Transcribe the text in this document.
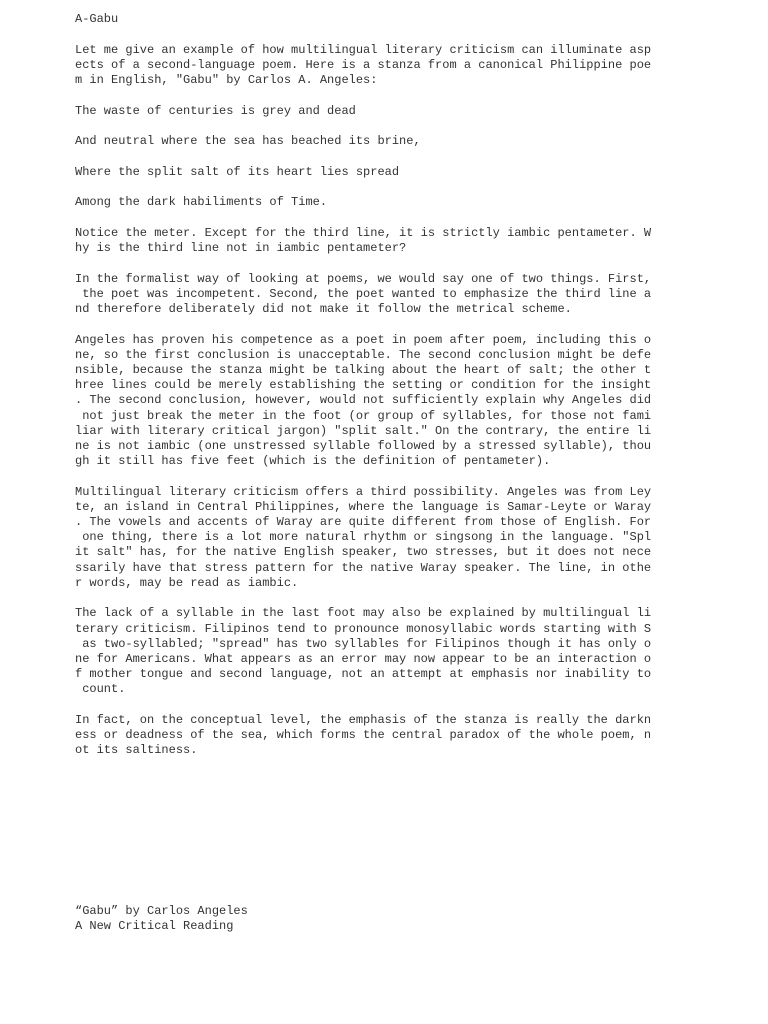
A-Gabu
Let me give an example of how multilingual literary criticism can illuminate asp
ects of a second-language poem. Here is a stanza from a canonical Philippine poe
m in English, "Gabu" by Carlos A. Angeles:
The waste of centuries is grey and dead
And neutral where the sea has beached its brine,
Where the split salt of its heart lies spread
Among the dark habiliments of Time.
Notice the meter. Except for the third line, it is strictly iambic pentameter. W
hy is the third line not in iambic pentameter?
In the formalist way of looking at poems, we would say one of two things. First,
the poet was incompetent. Second, the poet wanted to emphasize the third line a
nd therefore deliberately did not make it follow the metrical scheme.
Angeles has proven his competence as a poet in poem after poem, including this o
ne, so the first conclusion is unacceptable. The second conclusion might be defe
nsible, because the stanza might be talking about the heart of salt; the other t
hree lines could be merely establishing the setting or condition for the insight
. The second conclusion, however, would not sufficiently explain why Angeles did
not just break the meter in the foot (or group of syllables, for those not fami
liar with literary critical jargon) "split salt." On the contrary, the entire li
ne is not iambic (one unstressed syllable followed by a stressed syllable), thou
gh it still has five feet (which is the definition of pentameter).
Multilingual literary criticism offers a third possibility. Angeles was from Ley
te, an island in Central Philippines, where the language is Samar-Leyte or Waray
. The vowels and accents of Waray are quite different from those of English. For
one thing, there is a lot more natural rhythm or singsong in the language. "Spl
it salt" has, for the native English speaker, two stresses, but it does not nece
ssarily have that stress pattern for the native Waray speaker. The line, in othe
r words, may be read as iambic.
The lack of a syllable in the last foot may also be explained by multilingual li
terary criticism. Filipinos tend to pronounce monosyllabic words starting with S
as two-syllabled; "spread" has two syllables for Filipinos though it has only o
ne for Americans. What appears as an error may now appear to be an interaction o
f mother tongue and second language, not an attempt at emphasis nor inability to
count.
In fact, on the conceptual level, the emphasis of the stanza is really the darkn
ess or deadness of the sea, which forms the central paradox of the whole poem, n
ot its saltiness.
“Gabu” by Carlos Angeles
A New Critical Reading
